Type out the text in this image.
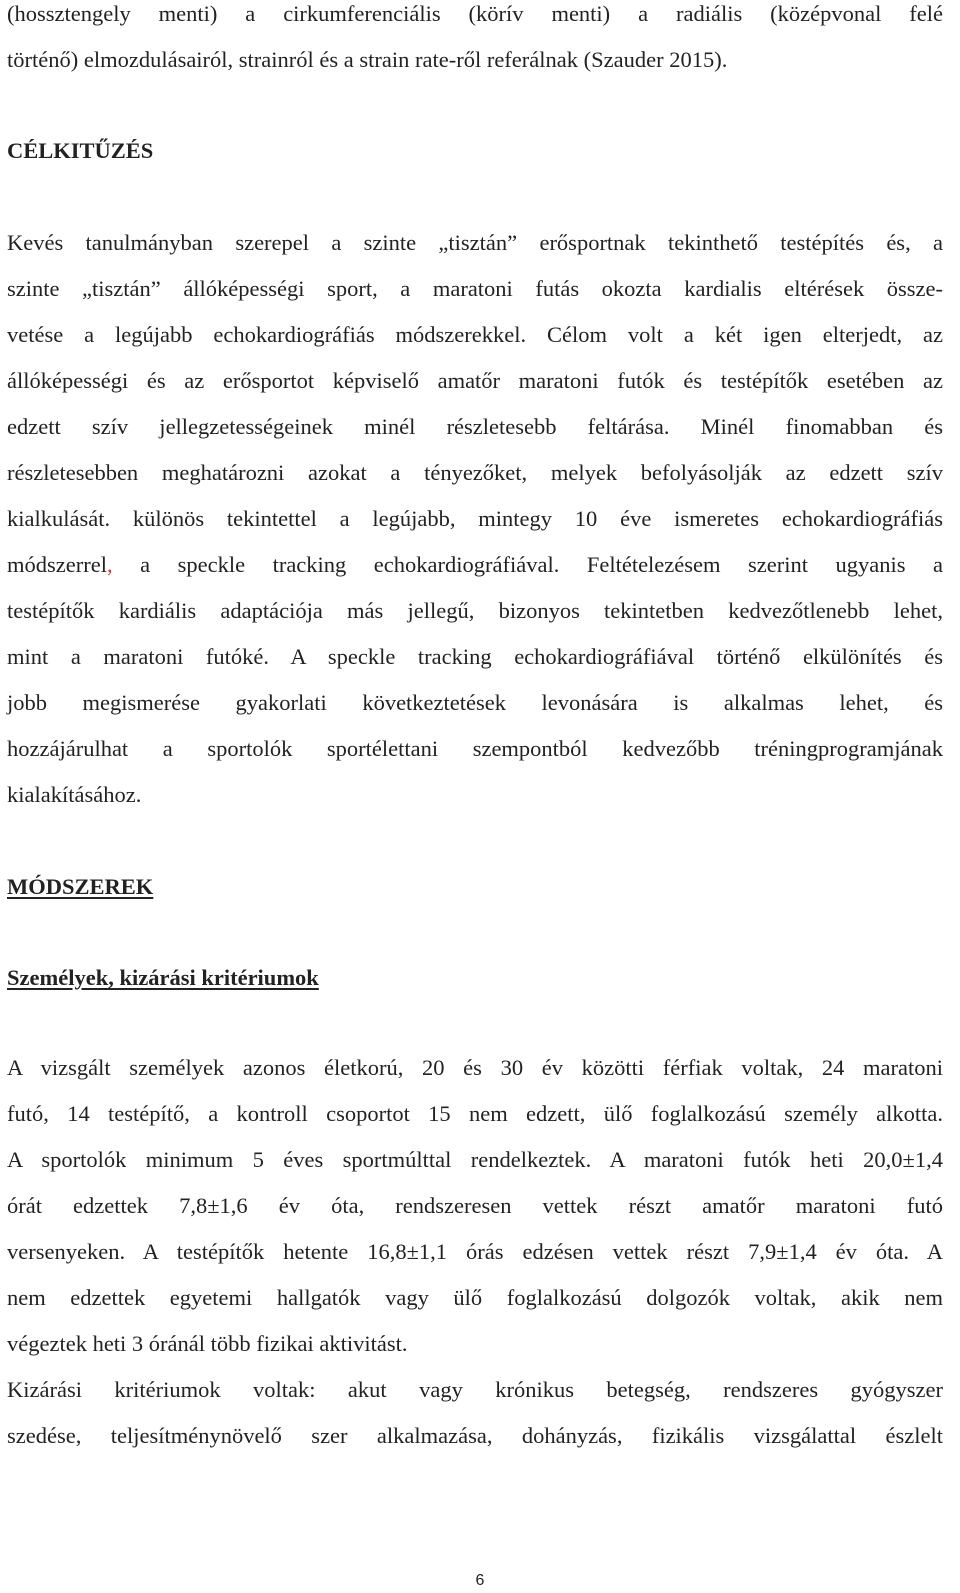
(hossztengely menti) a cirkumferenciális (körív menti) a radiális (középvonal felé
történő) elmozdulásairól, strainról és a strain rate-ről referálnak (Szauder 2015).
CÉLKITŰZÉS
Kevés tanulmányban szerepel a szinte „tisztán” erősportnak tekinthető testépítés és, a
szinte „tisztán” állóképességi sport, a maratoni futás okozta kardialis eltérések össze-
vetése a legújabb echokardiográfiás módszerekkel. Célom volt a két igen elterjedt, az
állóképességi és az erősportot képviselő amatőr maratoni futók és testépítők esetében az
edzett szív jellegzetességeinek minél részletesebb feltárása. Minél finomabban és
részletesebben meghatározni azokat a tényezőket, melyek befolyásolják az edzett szív
kialkulását. különös tekintettel a legújabb, mintegy 10 éve ismeretes echokardiográfiás
módszerrel, a speckle tracking echokardiográfiával. Feltételezésem szerint ugyanis a
testépítők kardiális adaptációja más jellegű, bizonyos tekintetben kedvezőtlenebb lehet,
mint a maratoni futóké. A speckle tracking echokardiográfiával történő elkülönítés és
jobb megismerése gyakorlati következtetések levonására is alkalmas lehet, és
hozzájárulhat a sportolók sportélettani szempontból kedvezőbb tréningprogramjának
kialakításához.
MÓDSZEREK
Személyek, kizárási kritériumok
A vizsgált személyek azonos életkorú, 20 és 30 év közötti férfiak voltak, 24 maratoni
futó, 14 testépítő, a kontroll csoportot 15 nem edzett, ülő foglalkozású személy alkotta.
A sportolók minimum 5 éves sportmúlttal rendelkeztek. A maratoni futók heti 20,0±1,4
órát edzettek 7,8±1,6 év óta, rendszeresen vettek részt amatőr maratoni futó
versenyeken. A testépítők hetente 16,8±1,1 órás edzésen vettek részt 7,9±1,4 év óta. A
nem edzettek egyetemi hallgatók vagy ülő foglalkozású dolgozók voltak, akik nem
végeztek heti 3 óránál több fizikai aktivitást.
Kizárási kritériumok voltak: akut vagy krónikus betegség, rendszeres gyógyszer
szedése, teljesítménynövelő szer alkalmazása, dohányzás, fizikális vizsgálattal észlelt
6
